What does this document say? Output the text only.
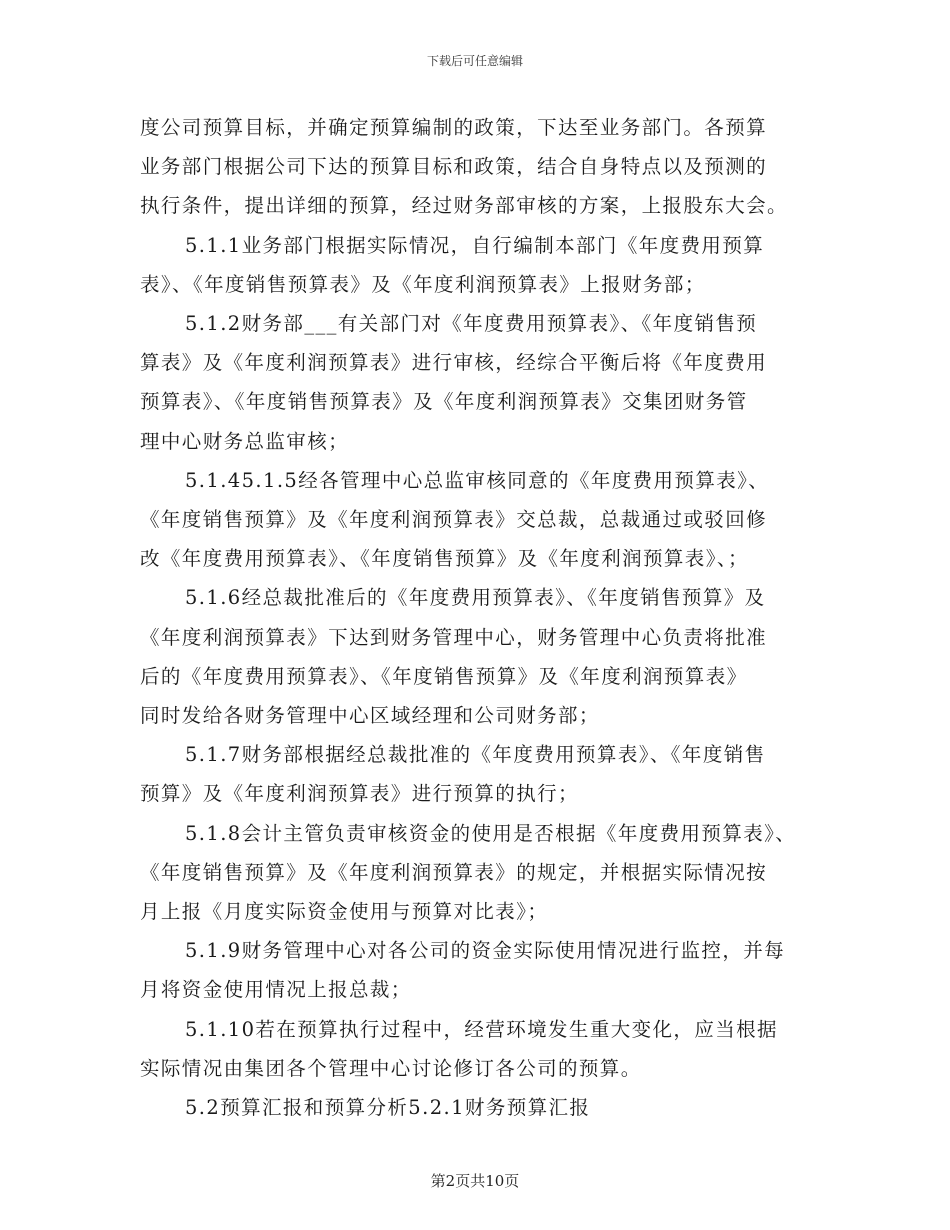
下载后可任意编辑
度公司预算目标，并确定预算编制的政策，下达至业务部门。各预算
业务部门根据公司下达的预算目标和政策，结合自身特点以及预测的
执行条件，提出详细的预算，经过财务部审核的方案，上报股东大会。
5.1.1业务部门根据实际情况，自行编制本部门《年度费用预算
表》、《年度销售预算表》及《年度利润预算表》上报财务部；
5.1.2财务部___有关部门对《年度费用预算表》、《年度销售预
算表》及《年度利润预算表》进行审核，经综合平衡后将《年度费用
预算表》、《年度销售预算表》及《年度利润预算表》交集团财务管
理中心财务总监审核；
5.1.45.1.5经各管理中心总监审核同意的《年度费用预算表》、
《年度销售预算》及《年度利润预算表》交总裁，总裁通过或驳回修
改《年度费用预算表》、《年度销售预算》及《年度利润预算表》、；
5.1.6经总裁批准后的《年度费用预算表》、《年度销售预算》及
《年度利润预算表》下达到财务管理中心，财务管理中心负责将批准
后的《年度费用预算表》、《年度销售预算》及《年度利润预算表》
同时发给各财务管理中心区域经理和公司财务部；
5.1.7财务部根据经总裁批准的《年度费用预算表》、《年度销售
预算》及《年度利润预算表》进行预算的执行；
5.1.8会计主管负责审核资金的使用是否根据《年度费用预算表》、
《年度销售预算》及《年度利润预算表》的规定，并根据实际情况按
月上报《月度实际资金使用与预算对比表》；
5.1.9财务管理中心对各公司的资金实际使用情况进行监控，并每
月将资金使用情况上报总裁；
5.1.10若在预算执行过程中，经营环境发生重大变化，应当根据
实际情况由集团各个管理中心讨论修订各公司的预算。
5.2预算汇报和预算分析5.2.1财务预算汇报
第2页共10页
